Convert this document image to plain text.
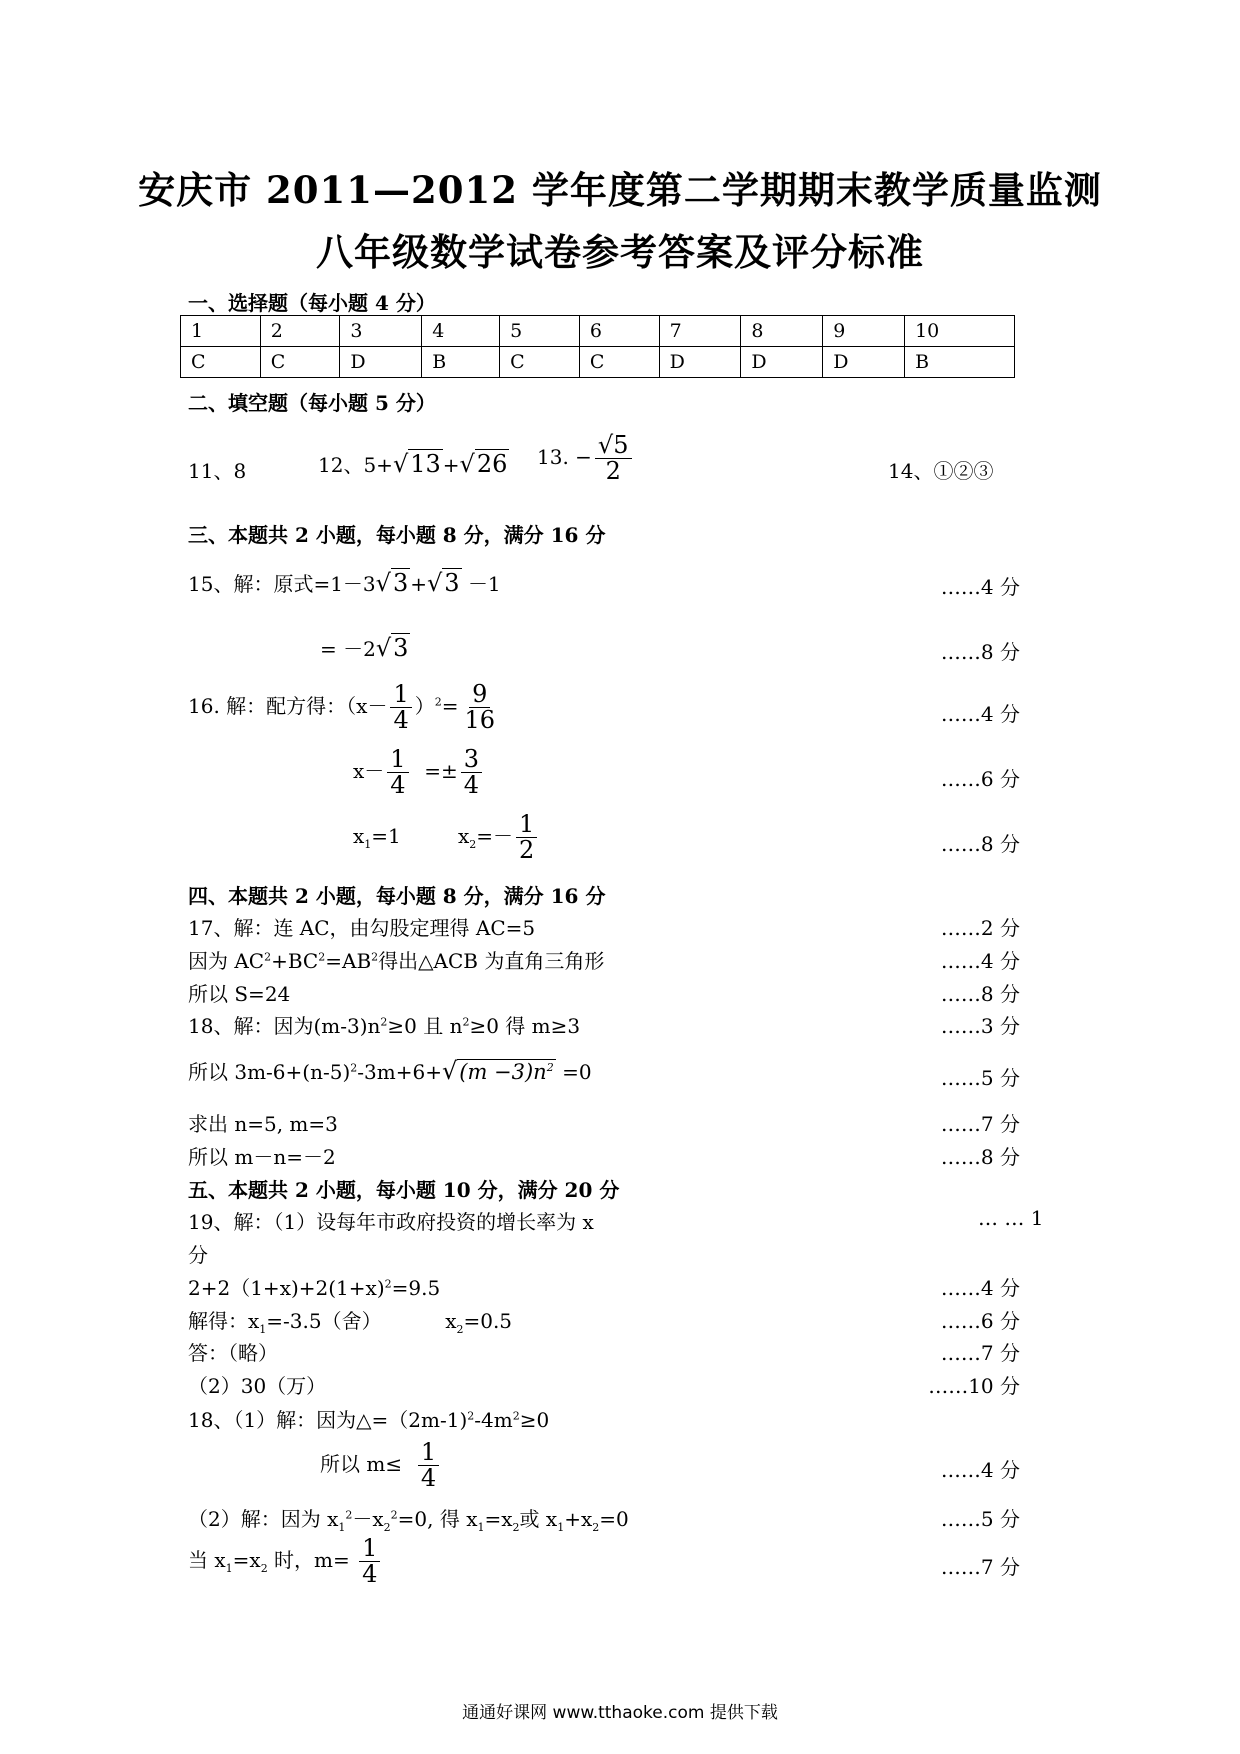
安庆市 2011—2012 学年度第二学期期末教学质量监测
八年级数学试卷参考答案及评分标准
一、选择题（每小题 4 分）
1	2	3	4	5	6	7	8	9	10
C	C	D	B	C	C	D	D	D	B
二、填空题（每小题 5 分）
11、8	12、5+√13 +√26 13. − $\frac{√5}{2}$	14、①②③
三、本题共 2 小题，每小题 8 分，满分 16 分
15、解：原式=1－3√3 +√3 －1	……4 分
= －2√3	……8 分
16. 解：配方得：$(x- \frac{1}{4} )^2= \frac{9}{16}$	……4 分
$x- \frac{1}{4} =\pm \frac{3}{4}$	……6 分
$x_1=1$	$x_2=- \frac{1}{2}$	……8 分
四、本题共 2 小题，每小题 8 分，满分 16 分
17、解：连 AC，由勾股定理得 AC=5	……2 分
因为 $AC^2+BC^2=AB^2$得出△ACB 为直角三角形	……4 分
所以 S=24	……8 分
18、解：因为$(m-3)n^2\ge 0$ 且 $n^2\ge 0$ 得 m≥3	……3 分
所以 $3m-6+(n-5)^2-3m+6+√(m -3)n^2 =0$	……5 分
求出 n=5, m=3	……7 分
所以 m－n=－2	……8 分
五、本题共 2 小题，每小题 10 分，满分 20 分
19、解：（1）设每年市政府投资的增长率为 x	… … 1
分
$2+2(1+x)+2(1+x)^2=9.5$	……4 分
解得：$x_1=-3.5$（舍）	$x_2=0.5$	……6 分
答：（略）	……7 分
（2）30（万）	……10 分
18、（1）解：因为$\triangle=(2m-1)^2-4m^2\ge 0$
所以 $m\le \frac{1}{4}$	……4 分
（2）解：因为 $x_1^2-x_2^2=0$, 得 $x_1=x_2$或 $x_1+x_2=0$	……5 分
当 $x_1=x_2$ 时，$m= \frac{1}{4}$	……7 分
通通好课网 www.tthaoke.com 提供下载
